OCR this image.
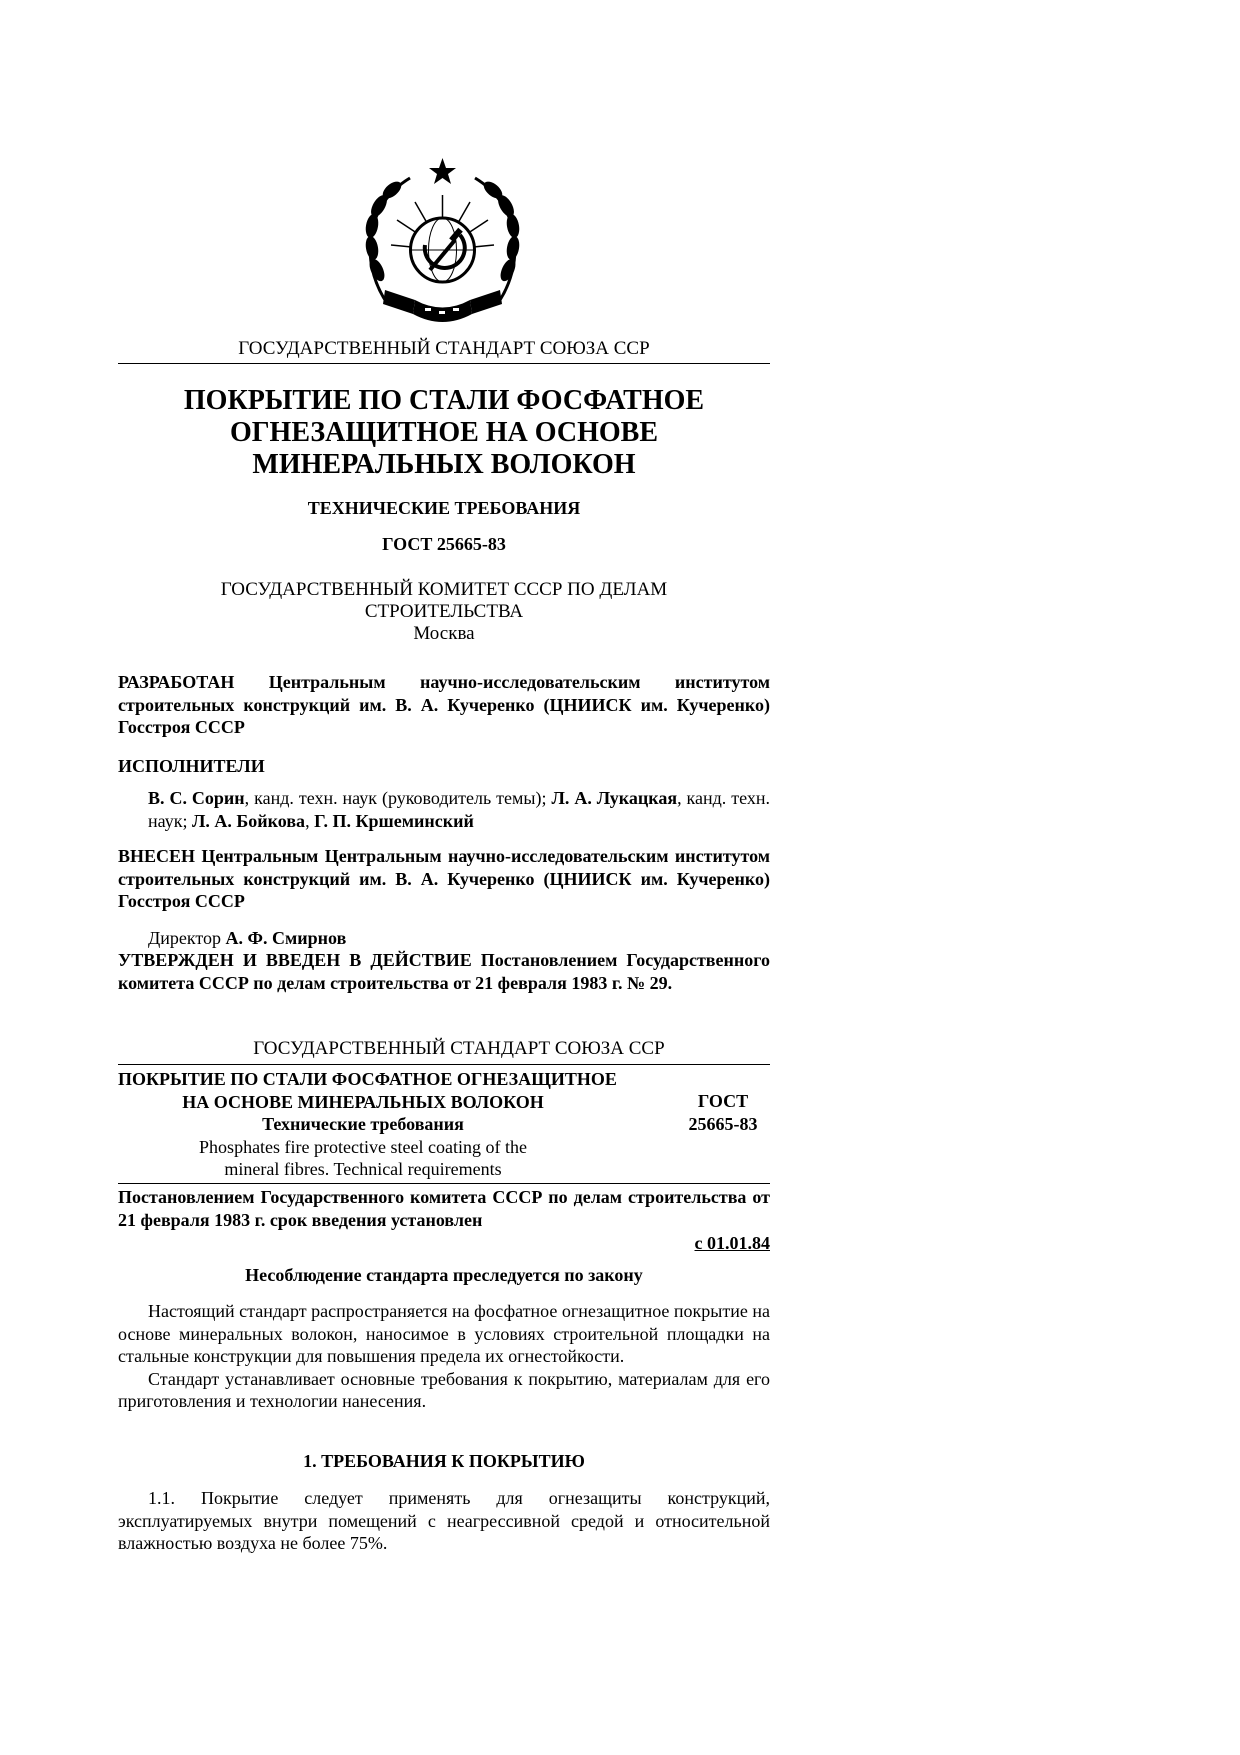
ГОСУДАРСТВЕННЫЙ СТАНДАРТ СОЮЗА ССР
ПОКРЫТИЕ ПО СТАЛИ ФОСФАТНОЕ
ОГНЕЗАЩИТНОЕ НА ОСНОВЕ
МИНЕРАЛЬНЫХ ВОЛОКОН
ТЕХНИЧЕСКИЕ ТРЕБОВАНИЯ
ГОСТ 25665-83
ГОСУДАРСТВЕННЫЙ КОМИТЕТ СССР ПО ДЕЛАМ
СТРОИТЕЛЬСТВА
Москва
РАЗРАБОТАН Центральным научно-исследовательским институтом строительных конструкций им. В. А. Кучеренко (ЦНИИСК им. Кучеренко) Госстроя СССР
ИСПОЛНИТЕЛИ
В. С. Сорин, канд. техн. наук (руководитель темы); Л. А. Лукацкая, канд. техн. наук; Л. А. Бойкова, Г. П. Кршеминский
ВНЕСЕН Центральным Центральным научно-исследовательским институтом строительных конструкций им. В. А. Кучеренко (ЦНИИСК им. Кучеренко) Госстроя СССР
Директор А. Ф. Смирнов
УТВЕРЖДЕН И ВВЕДЕН В ДЕЙСТВИЕ Постановлением Государственного комитета СССР по делам строительства от 21 февраля 1983 г. № 29.
ГОСУДАРСТВЕННЫЙ СТАНДАРТ СОЮЗА ССР
ПОКРЫТИЕ ПО СТАЛИ ФОСФАТНОЕ ОГНЕЗАЩИТНОЕ
НА ОСНОВЕ МИНЕРАЛЬНЫХ ВОЛОКОН
Технические требования
Phosphates fire protective steel coating of the
mineral fibres. Technical requirements
ГОСТ
25665-83
Постановлением Государственного комитета СССР по делам строительства от 21 февраля 1983 г. срок введения установлен
с 01.01.84
Несоблюдение стандарта преследуется по закону
Настоящий стандарт распространяется на фосфатное огнезащитное покрытие на основе минеральных волокон, наносимое в условиях строительной площадки на стальные конструкции для повышения предела их огнестойкости.
Стандарт устанавливает основные требования к покрытию, материалам для его приготовления и технологии нанесения.
1. ТРЕБОВАНИЯ К ПОКРЫТИЮ
1.1. Покрытие следует применять для огнезащиты конструкций, эксплуатируемых внутри помещений с неагрессивной средой и относительной влажностью воздуха не более 75%.
